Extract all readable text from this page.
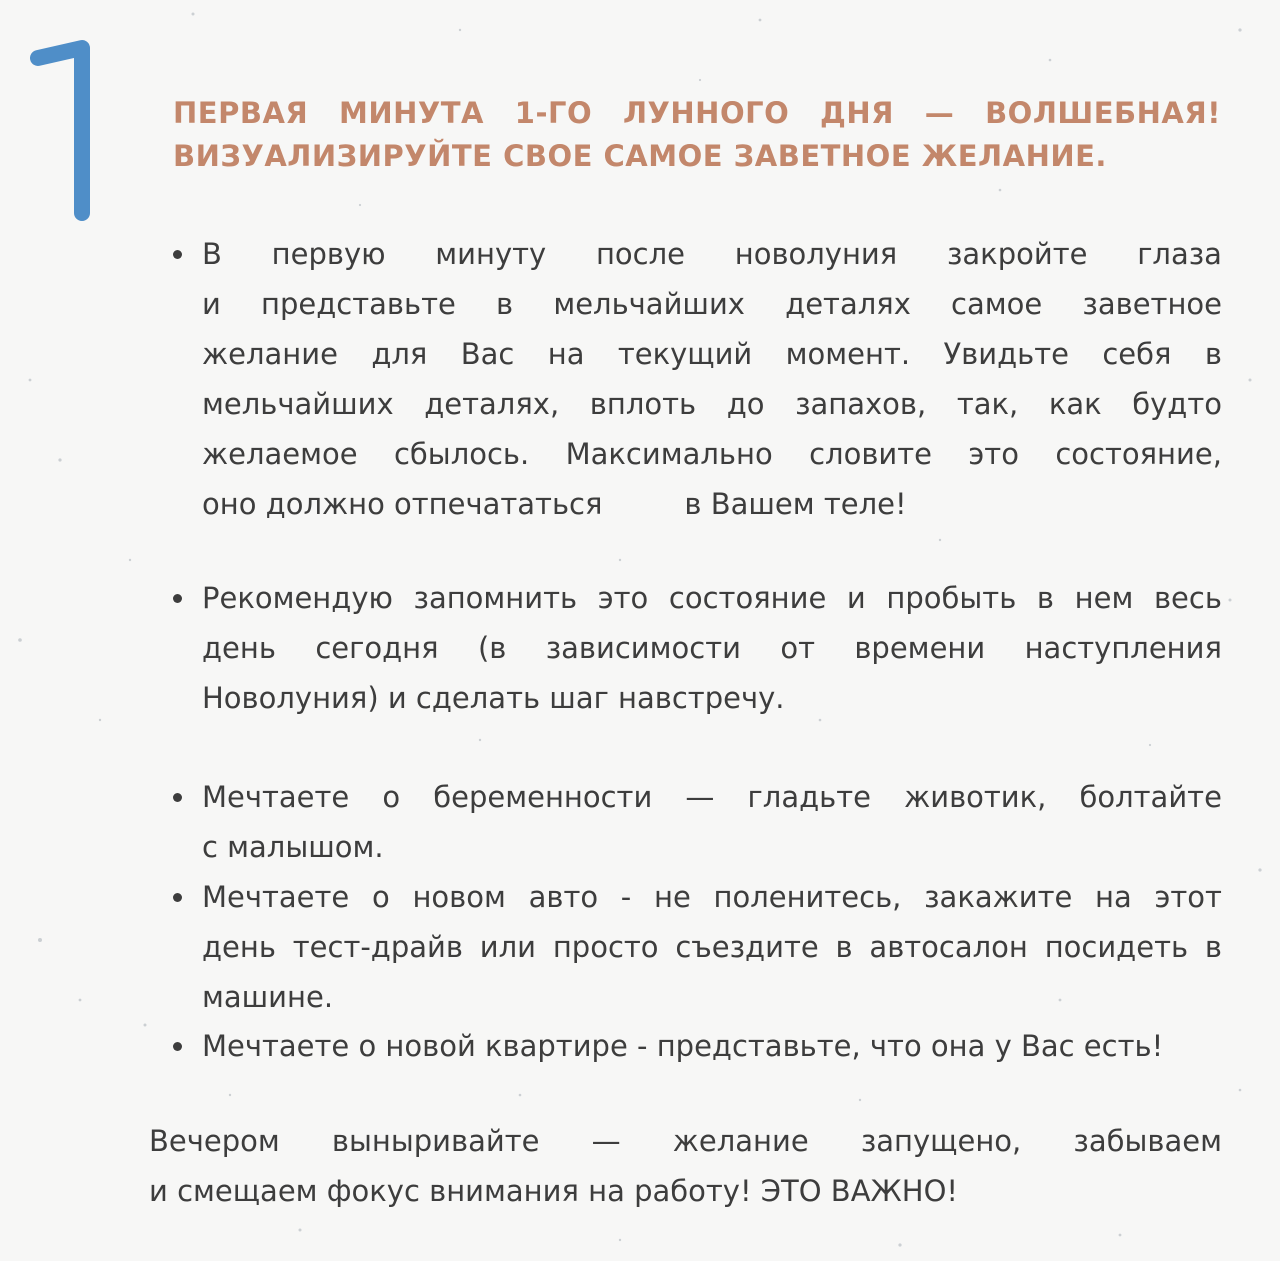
ПЕРВАЯ МИНУТА 1-ГО ЛУННОГО ДНЯ — ВОЛШЕБНАЯ!
ВИЗУАЛИЗИРУЙТЕ СВОЕ САМОЕ ЗАВЕТНОЕ ЖЕЛАНИЕ.
В первую минуту после новолуния закройте глаза
и представьте в мельчайших деталях самое заветное
желание для Вас на текущий момент. Увидьте себя в
мельчайших деталях, вплоть до запахов, так, как будто
желаемое сбылось. Максимально словите это состояние,
оно должно отпечататься	в Вашем теле!
Рекомендую запомнить это состояние и пробыть в нем весь
день сегодня (в зависимости от времени наступления
Новолуния) и сделать шаг навстречу.
Мечтаете о беременности — гладьте животик, болтайте
с малышом.
Мечтаете о новом авто - не поленитесь, закажите на этот
день тест-драйв или просто съездите в автосалон посидеть в
машине.
Мечтаете о новой квартире - представьте, что она у Вас есть!
Вечером выныривайте — желание запущено, забываем
и смещаем фокус внимания на работу! ЭТО ВАЖНО!
